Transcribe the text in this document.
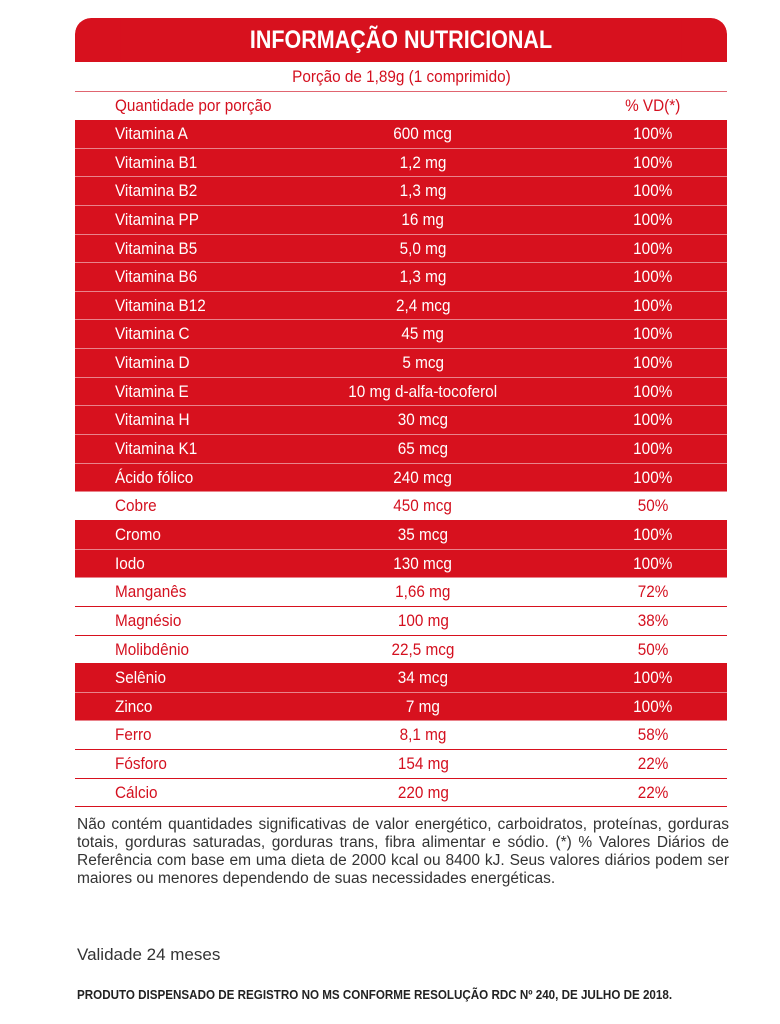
INFORMAÇÃO NUTRICIONAL
Porção de 1,89g (1 comprimido)
Quantidade por porção	% VD(*)
Vitamina A	600 mcg	100%
Vitamina B1	1,2 mg	100%
Vitamina B2	1,3 mg	100%
Vitamina PP	16 mg	100%
Vitamina B5	5,0 mg	100%
Vitamina B6	1,3 mg	100%
Vitamina B12	2,4 mcg	100%
Vitamina C	45 mg	100%
Vitamina D	5 mcg	100%
Vitamina E	10 mg d-alfa-tocoferol	100%
Vitamina H	30 mcg	100%
Vitamina K1	65 mcg	100%
Ácido fólico	240 mcg	100%
Cobre	450 mcg	50%
Cromo	35 mcg	100%
Iodo	130 mcg	100%
Manganês	1,66 mg	72%
Magnésio	100 mg	38%
Molibdênio	22,5 mcg	50%
Selênio	34 mcg	100%
Zinco	7 mg	100%
Ferro	8,1 mg	58%
Fósforo	154 mg	22%
Cálcio	220 mg	22%

Não contém quantidades significativas de valor energético, carboidratos, proteínas, gorduras totais, gorduras saturadas, gorduras trans, fibra alimentar e sódio. (*) % Valores Diários de Referência com base em uma dieta de 2000 kcal ou 8400 kJ. Seus valores diários podem ser maiores ou menores dependendo de suas necessidades energéticas.

Validade 24 meses
PRODUTO DISPENSADO DE REGISTRO NO MS CONFORME RESOLUÇÃO RDC Nº 240, DE JULHO DE 2018.
